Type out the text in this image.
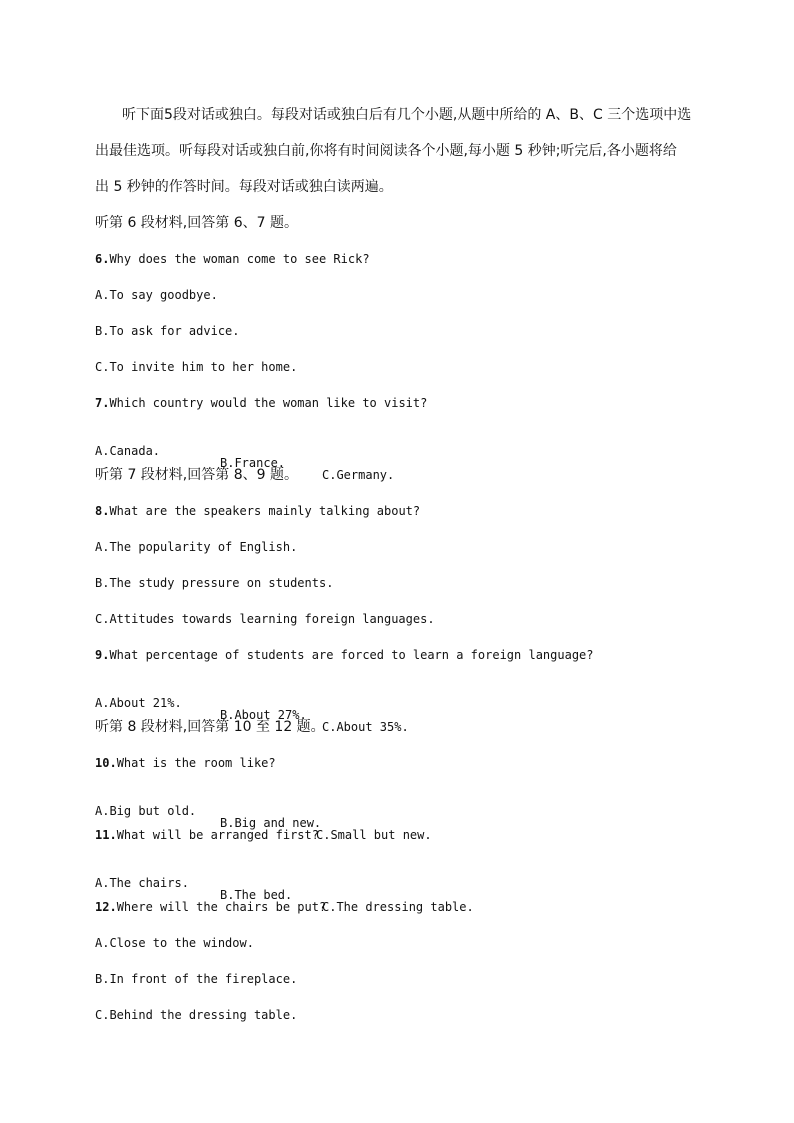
听下面5段对话或独白。每段对话或独白后有几个小题,从题中所给的 A、B、C 三个选项中选
出最佳选项。听每段对话或独白前,你将有时间阅读各个小题,每小题 5 秒钟;听完后,各小题将给
出 5 秒钟的作答时间。每段对话或独白读两遍。
听第 6 段材料,回答第 6、7 题。
6.Why does the woman come to see Rick?
A.To say goodbye.
B.To ask for advice.
C.To invite him to her home.
7.Which country would the woman like to visit?

A.Canada.

B.France.

C.Germany.

听第 7 段材料,回答第 8、9 题。
8.What are the speakers mainly talking about?
A.The popularity of English.
B.The study pressure on students.
C.Attitudes towards learning foreign languages.
9.What percentage of students are forced to learn a foreign language?

A.About 21%.

B.About 27%.

C.About 35%.

听第 8 段材料,回答第 10 至 12 题。
10.What is the room like?

A.Big but old.

B.Big and new.

C.Small but new.

11.What will be arranged first?

A.The chairs.

B.The bed.

C.The dressing table.

12.Where will the chairs be put?
A.Close to the window.
B.In front of the fireplace.
C.Behind the dressing table.
